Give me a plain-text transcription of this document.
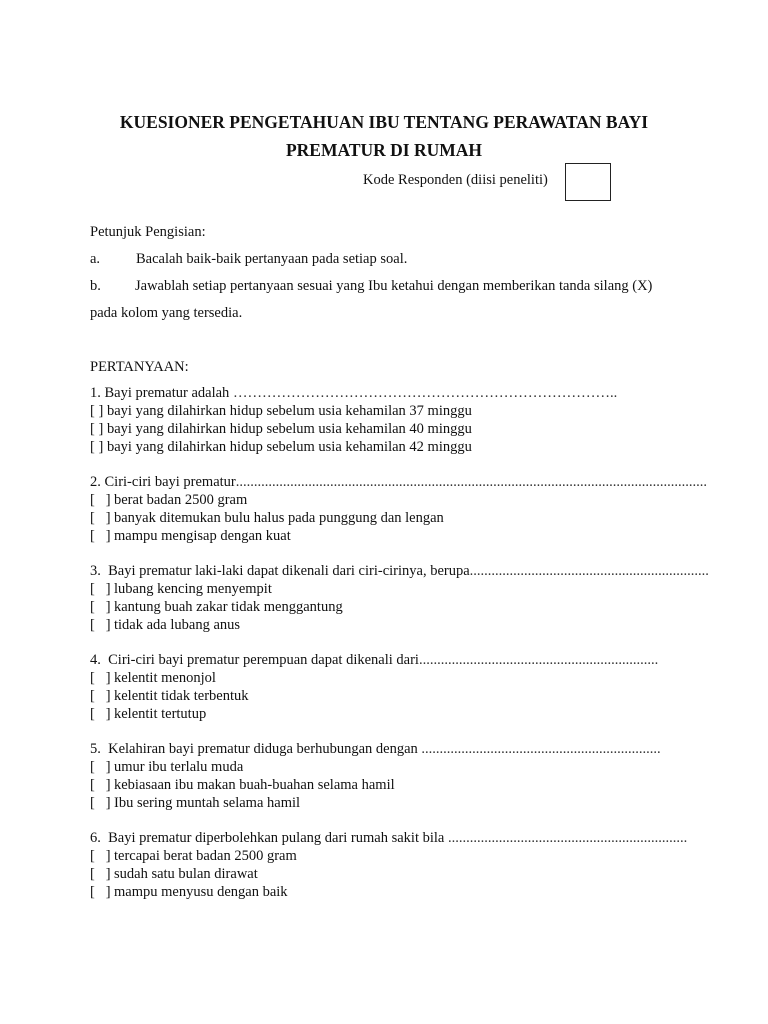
KUESIONER PENGETAHUAN IBU TENTANG PERAWATAN BAYI
PREMATUR DI RUMAH
Kode Responden (diisi peneliti)
Petunjuk Pengisian:
a. Bacalah baik-baik pertanyaan pada setiap soal.
b. Jawablah setiap pertanyaan sesuai yang Ibu ketahui dengan memberikan tanda silang (X)
pada kolom yang tersedia.
PERTANYAAN:
1. Bayi prematur adalah ……………………………………………………………………..
[ ] bayi yang dilahirkan hidup sebelum usia kehamilan 37 minggu
[ ] bayi yang dilahirkan hidup sebelum usia kehamilan 40 minggu
[ ] bayi yang dilahirkan hidup sebelum usia kehamilan 42 minggu
2. Ciri-ciri bayi prematur ..................................................................................................................................
[   ] berat badan 2500 gram
[   ] banyak ditemukan bulu halus pada punggung dan lengan
[   ] mampu mengisap dengan kuat
3.  Bayi prematur laki-laki dapat dikenali dari ciri-cirinya, berupa ..................................................................
[   ] lubang kencing menyempit
[   ] kantung buah zakar tidak menggantung
[   ] tidak ada lubang anus
4.  Ciri-ciri bayi prematur perempuan dapat dikenali dari ..................................................................
[   ] kelentit menonjol
[   ] kelentit tidak terbentuk
[   ] kelentit tertutup
5.  Kelahiran bayi prematur diduga berhubungan dengan ..................................................................
[   ] umur ibu terlalu muda
[   ] kebiasaan ibu makan buah-buahan selama hamil
[   ] Ibu sering muntah selama hamil
6.  Bayi prematur diperbolehkan pulang dari rumah sakit bila ..................................................................
[   ] tercapai berat badan 2500 gram
[   ] sudah satu bulan dirawat
[   ] mampu menyusu dengan baik
